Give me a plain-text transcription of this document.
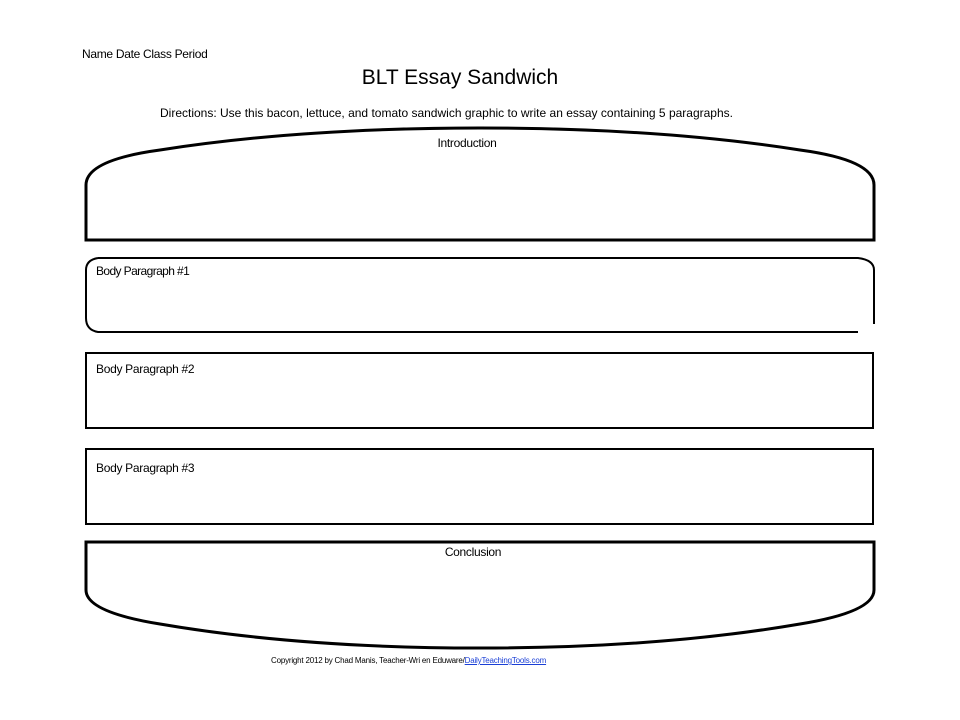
Name Date Class Period
BLT Essay Sandwich
Directions: Use this bacon, lettuce, and tomato sandwich graphic to write an essay containing 5 paragraphs.
Introduction
Body Paragraph #1
Body Paragraph #2
Body Paragraph #3
Conclusion
Copyright 2012 by Chad Manis, Teacher-Wri en Eduware/DailyTeachingTools.com
